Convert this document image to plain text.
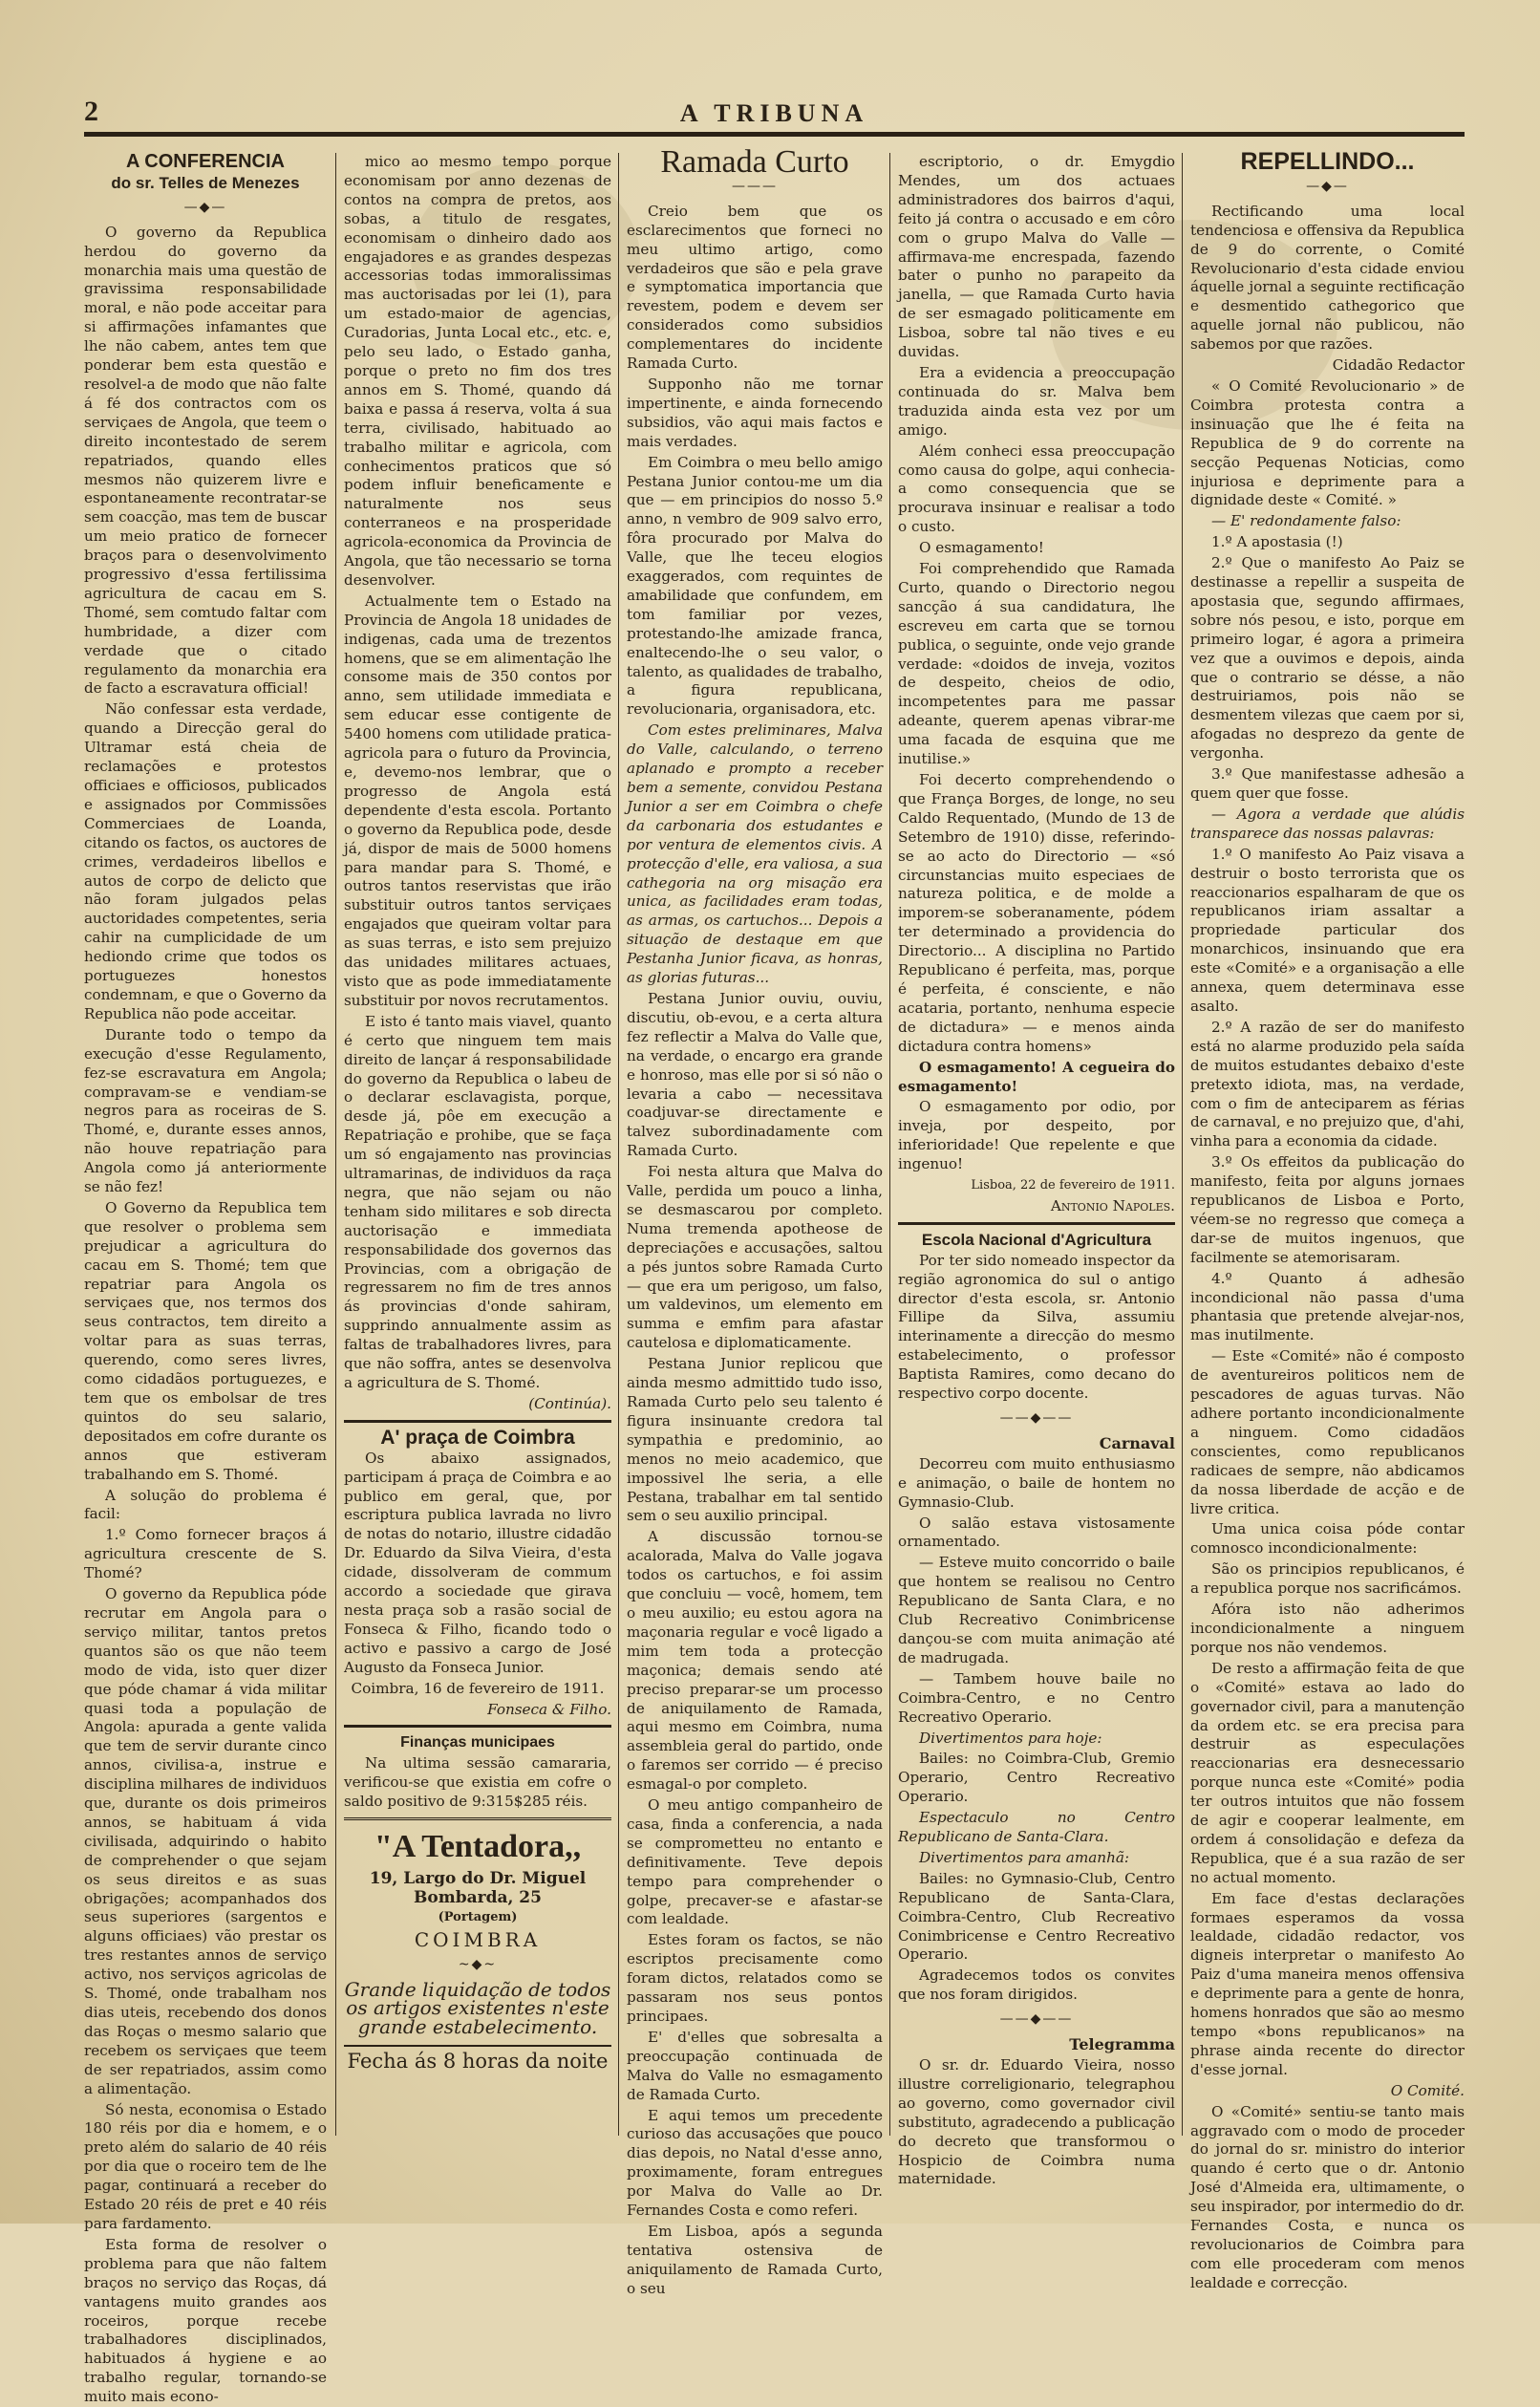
2	A TRIBUNA

A CONFERENCIA

do sr. Telles de Menezes

—◆—

O governo da Republica herdou do governo da monarchia mais uma questão de gravissima responsabilidade moral, e não pode acceitar para si affirmações infamantes que lhe não cabem, antes tem que ponderar bem esta questão e resolvel-a de modo que não falte á fé dos contractos com os serviçaes de Angola, que teem o direito incontestado de serem repatriados, quando elles mesmos não quizerem livre e espontaneamente recontratar-se sem coacção, mas tem de buscar um meio pratico de fornecer braços para o desenvolvimento progressivo d'essa fertilissima agricultura de cacau em S. Thomé, sem comtudo faltar com humbridade, a dizer com verdade que o citado regulamento da monarchia era de facto a escravatura official!

Não confessar esta verdade, quando a Direcção geral do Ultramar está cheia de reclamações e protestos officiaes e officiosos, publicados e assignados por Commissões Commerciaes de Loanda, citando os factos, os auctores de crimes, verdadeiros libellos e autos de corpo de delicto que não foram julgados pelas auctoridades competentes, seria cahir na cumplicidade de um hediondo crime que todos os portuguezes honestos condemnam, e que o Governo da Republica não pode acceitar.

Durante todo o tempo da execução d'esse Regulamento, fez-se escravatura em Angola; compravam-se e vendiam-se negros para as roceiras de S. Thomé, e, durante esses annos, não houve repatriação para Angola como já anteriormente se não fez!

O Governo da Republica tem que resolver o problema sem prejudicar a agricultura do cacau em S. Thomé; tem que repatriar para Angola os serviçaes que, nos termos dos seus contractos, tem direito a voltar para as suas terras, querendo, como seres livres, como cidadãos portuguezes, e tem que os embolsar de tres quintos do seu salario, depositados em cofre durante os annos que estiveram trabalhando em S. Thomé.

A solução do problema é facil:

1.º Como fornecer braços á agricultura crescente de S. Thomé?

O governo da Republica póde recrutar em Angola para o serviço militar, tantos pretos quantos são os que não teem modo de vida, isto quer dizer que póde chamar á vida militar quasi toda a população de Angola: apurada a gente valida que tem de servir durante cinco annos, civilisa-a, instrue e disciplina milhares de individuos que, durante os dois primeiros annos, se habituam á vida civilisada, adquirindo o habito de comprehender o que sejam os seus direitos e as suas obrigações; acompanhados dos seus superiores (sargentos e alguns officiaes) vão prestar os tres restantes annos de serviço activo, nos serviços agricolas de S. Thomé, onde trabalham nos dias uteis, recebendo dos donos das Roças o mesmo salario que recebem os serviçaes que teem de ser repatriados, assim como a alimentação.

Só nesta, economisa o Estado 180 réis por dia e homem, e o preto além do salario de 40 réis por dia que o roceiro tem de lhe pagar, continuará a receber do Estado 20 réis de pret e 40 réis para fardamento.

Esta forma de resolver o problema para que não faltem braços no serviço das Roças, dá vantagens muito grandes aos roceiros, porque recebe trabalhadores disciplinados, habituados á hygiene e ao trabalho regular, tornando-se muito mais econo-

mico ao mesmo tempo porque economisam por anno dezenas de contos na compra de pretos, aos sobas, a titulo de resgates, economisam o dinheiro dado aos engajadores e as grandes despezas accessorias todas immoralissimas mas auctorisadas por lei (1), para um estado-maior de agencias, Curadorias, Junta Local etc., etc. e, pelo seu lado, o Estado ganha, porque o preto no fim dos tres annos em S. Thomé, quando dá baixa e passa á reserva, volta á sua terra, civilisado, habituado ao trabalho militar e agricola, com conhecimentos praticos que só podem influir beneficamente e naturalmente nos seus conterraneos e na prosperidade agricola-economica da Provincia de Angola, que tão necessario se torna desenvolver.

Actualmente tem o Estado na Provincia de Angola 18 unidades de indigenas, cada uma de trezentos homens, que se em alimentação lhe consome mais de 350 contos por anno, sem utilidade immediata e sem educar esse contigente de 5400 homens com utilidade pratica-agricola para o futuro da Provincia, e, devemo-nos lembrar, que o progresso de Angola está dependente d'esta escola. Portanto o governo da Republica pode, desde já, dispor de mais de 5000 homens para mandar para S. Thomé, e outros tantos reservistas que irão substituir outros tantos serviçaes engajados que queiram voltar para as suas terras, e isto sem prejuizo das unidades militares actuaes, visto que as pode immediatamente substituir por novos recrutamentos.

E isto é tanto mais viavel, quanto é certo que ninguem tem mais direito de lançar á responsabilidade do governo da Republica o labeu de o declarar esclavagista, porque, desde já, pôe em execução a Repatriação e prohibe, que se faça um só engajamento nas provincias ultramarinas, de individuos da raça negra, que não sejam ou não tenham sido militares e sob directa auctorisação e immediata responsabilidade dos governos das Provincias, com a obrigação de regressarem no fim de tres annos ás provincias d'onde sahiram, supprindo annualmente assim as faltas de trabalhadores livres, para que não soffra, antes se desenvolva a agricultura de S. Thomé.

(Continúa).

A' praça de Coimbra

Os abaixo assignados, participam á praça de Coimbra e ao publico em geral, que, por escriptura publica lavrada no livro de notas do notario, illustre cidadão Dr. Eduardo da Silva Vieira, d'esta cidade, dissolveram de commum accordo a sociedade que girava nesta praça sob a rasão social de Fonseca & Filho, ficando todo o activo e passivo a cargo de José Augusto da Fonseca Junior.

Coimbra, 16 de fevereiro de 1911.

Fonseca & Filho.

Finanças municipaes

Na ultima sessão camararia, verificou-se que existia em cofre o saldo positivo de 9:315$285 réis.

"A Tentadora,,
19, Largo do Dr. Miguel Bombarda, 25
(Portagem)
COIMBRA
~◆~
Grande liquidação de todos os artigos existentes n'este grande estabelecimento.
Fecha ás 8 horas da noite

Ramada Curto

———

Creio bem que os esclarecimentos que forneci no meu ultimo artigo, como verdadeiros que são e pela grave e symptomatica importancia que revestem, podem e devem ser considerados como subsidios complementares do incidente Ramada Curto.

Supponho não me tornar impertinente, e ainda fornecendo subsidios, vão aqui mais factos e mais verdades.

Em Coimbra o meu bello amigo Pestana Junior contou-me um dia que — em principios do nosso 5.º anno, n vembro de 909 salvo erro, fôra procurado por Malva do Valle, que lhe teceu elogios exaggerados, com requintes de amabilidade que confundem, em tom familiar por vezes, protestando-lhe amizade franca, enaltecendo-lhe o seu valor, o talento, as qualidades de trabalho, a figura republicana, revolucionaria, organisadora, etc.

Com estes preliminares, Malva do Valle, calculando, o terreno aplanado e prompto a receber bem a semente, convidou Pestana Junior a ser em Coimbra o chefe da carbonaria dos estudantes e por ventura de elementos civis. A protecção d'elle, era valiosa, a sua cathegoria na org misação era unica, as facilidades eram todas, as armas, os cartuchos... Depois a situação de destaque em que Pestanha Junior ficava, as honras, as glorias futuras...

Pestana Junior ouviu, ouviu, discutiu, ob-evou, e a certa altura fez reflectir a Malva do Valle que, na verdade, o encargo era grande e honroso, mas elle por si só não o levaria a cabo — necessitava coadjuvar-se directamente e talvez subordinadamente com Ramada Curto.

Foi nesta altura que Malva do Valle, perdida um pouco a linha, se desmascarou por completo. Numa tremenda apotheose de depreciações e accusações, saltou a pés juntos sobre Ramada Curto — que era um perigoso, um falso, um valdevinos, um elemento em summa e emfim para afastar cautelosa e diplomaticamente.

Pestana Junior replicou que ainda mesmo admittido tudo isso, Ramada Curto pelo seu talento é figura insinuante credora tal sympathia e predominio, ao menos no meio academico, que impossivel lhe seria, a elle Pestana, trabalhar em tal sentido sem o seu auxilio principal.

A discussão tornou-se acalorada, Malva do Valle jogava todos os cartuchos, e foi assim que concluiu — você, homem, tem o meu auxilio; eu estou agora na maçonaria regular e você ligado a mim tem toda a protecção maçonica; demais sendo até preciso preparar-se um processo de aniquilamento de Ramada, aqui mesmo em Coimbra, numa assembleia geral do partido, onde o faremos ser corrido — é preciso esmagal-o por completo.

O meu antigo companheiro de casa, finda a conferencia, a nada se comprometteu no entanto e definitivamente. Teve depois tempo para comprehender o golpe, precaver-se e afastar-se com lealdade.

Estes foram os factos, se não escriptos precisamente como foram dictos, relatados como se passaram nos seus pontos principaes.

E' d'elles que sobresalta a preoccupação continuada de Malva do Valle no esmagamento de Ramada Curto.

E aqui temos um precedente curioso das accusações que pouco dias depois, no Natal d'esse anno, proximamente, foram entregues por Malva do Valle ao Dr. Fernandes Costa e como referi.

Em Lisboa, após a segunda tentativa ostensiva de aniquilamento de Ramada Curto, o seu

escriptorio, o dr. Emygdio Mendes, um dos actuaes administradores dos bairros d'aqui, feito já contra o accusado e em côro com o grupo Malva do Valle — affirmava-me encrespada, fazendo bater o punho no parapeito da janella, — que Ramada Curto havia de ser esmagado politicamente em Lisboa, sobre tal não tives e eu duvidas.

Era a evidencia a preoccupação continuada do sr. Malva bem traduzida ainda esta vez por um amigo.

Além conheci essa preoccupação como causa do golpe, aqui conhecia-a como consequencia que se procurava insinuar e realisar a todo o custo.

O esmagamento!

Foi comprehendido que Ramada Curto, quando o Directorio negou sancção á sua candidatura, lhe escreveu em carta que se tornou publica, o seguinte, onde vejo grande verdade: «doidos de inveja, vozitos de despeito, cheios de odio, incompetentes para me passar adeante, querem apenas vibrar-me uma facada de esquina que me inutilise.»

Foi decerto comprehendendo o que França Borges, de longe, no seu Caldo Requentado, (Mundo de 13 de Setembro de 1910) disse, referindo-se ao acto do Directorio — «só circunstancias muito especiaes de natureza politica, e de molde a imporem-se soberanamente, pódem ter determinado a providencia do Directorio... A disciplina no Partido Republicano é perfeita, mas, porque é perfeita, é consciente, e não acataria, portanto, nenhuma especie de dictadura» — e menos ainda dictadura contra homens»

O esmagamento! A cegueira do esmagamento!

O esmagamento por odio, por inveja, por despeito, por inferioridade! Que repelente e que ingenuo!

Lisboa, 22 de fevereiro de 1911.

Antonio Napoles.

Escola Nacional d'Agricultura

Por ter sido nomeado inspector da região agronomica do sul o antigo director d'esta escola, sr. Antonio Fillipe da Silva, assumiu interinamente a direcção do mesmo estabelecimento, o professor Baptista Ramires, como decano do respectivo corpo docente.

——◆——

Carnaval

Decorreu com muito enthusiasmo e animação, o baile de hontem no Gymnasio-Club.

O salão estava vistosamente ornamentado.

— Esteve muito concorrido o baile que hontem se realisou no Centro Republicano de Santa Clara, e no Club Recreativo Conimbricense dançou-se com muita animação até de madrugada.

— Tambem houve baile no Coimbra-Centro, e no Centro Recreativo Operario.

Divertimentos para hoje:

Bailes: no Coimbra-Club, Gremio Operario, Centro Recreativo Operario.

Espectaculo no Centro Republicano de Santa-Clara.

Divertimentos para amanhã:

Bailes: no Gymnasio-Club, Centro Republicano de Santa-Clara, Coimbra-Centro, Club Recreativo Conimbricense e Centro Recreativo Operario.

Agradecemos todos os convites que nos foram dirigidos.

——◆——

Telegramma

O sr. dr. Eduardo Vieira, nosso illustre correligionario, telegraphou ao governo, como governador civil substituto, agradecendo a publicação do decreto que transformou o Hospicio de Coimbra numa maternidade.

REPELLINDO...

—◆—

Rectificando uma local tendenciosa e offensiva da Republica de 9 do corrente, o Comité Revolucionario d'esta cidade enviou áquelle jornal a seguinte rectificação e desmentido cathegorico que aquelle jornal não publicou, não sabemos por que razões.

Cidadão Redactor

« O Comité Revolucionario » de Coimbra protesta contra a insinuação que lhe é feita na Republica de 9 do corrente na secção Pequenas Noticias, como injuriosa e deprimente para a dignidade deste « Comité. »

— E' redondamente falso:

1.º A apostasia (!)

2.º Que o manifesto Ao Paiz se destinasse a repellir a suspeita de apostasia que, segundo affirmaes, sobre nós pesou, e isto, porque em primeiro logar, é agora a primeira vez que a ouvimos e depois, ainda que o contrario se désse, a não destruiriamos, pois não se desmentem vilezas que caem por si, afogadas no desprezo da gente de vergonha.

3.º Que manifestasse adhesão a quem quer que fosse.

— Agora a verdade que alúdis transparece das nossas palavras:

1.º O manifesto Ao Paiz visava a destruir o bosto terrorista que os reaccionarios espalharam de que os republicanos iriam assaltar a propriedade particular dos monarchicos, insinuando que era este «Comité» e a organisação a elle annexa, quem determinava esse asalto.

2.º A razão de ser do manifesto está no alarme produzido pela saída de muitos estudantes debaixo d'este pretexto idiota, mas, na verdade, com o fim de anteciparem as férias de carnaval, e no prejuizo que, d'ahi, vinha para a economia da cidade.

3.º Os effeitos da publicação do manifesto, feita por alguns jornaes republicanos de Lisboa e Porto, véem-se no regresso que começa a dar-se de muitos ingenuos, que facilmente se atemorisaram.

4.º Quanto á adhesão incondicional não passa d'uma phantasia que pretende alvejar-nos, mas inutilmente.

— Este «Comité» não é composto de aventureiros politicos nem de pescadores de aguas turvas. Não adhere portanto incondicionalmente a ninguem. Como cidadãos conscientes, como republicanos radicaes de sempre, não abdicamos da nossa liberdade de acção e de livre critica.

Uma unica coisa póde contar comnosco incondicionalmente:

São os principios republicanos, é a republica porque nos sacrificámos.

Afóra isto não adherimos incondicionalmente a ninguem porque nos não vendemos.

De resto a affirmação feita de que o «Comité» estava ao lado do governador civil, para a manutenção da ordem etc. se era precisa para destruir as especulações reaccionarias era desnecessario porque nunca este «Comité» podia ter outros intuitos que não fossem de agir e cooperar lealmente, em ordem á consolidação e defeza da Republica, que é a sua razão de ser no actual momento.

Em face d'estas declarações formaes esperamos da vossa lealdade, cidadão redactor, vos digneis interpretar o manifesto Ao Paiz d'uma maneira menos offensiva e deprimente para a gente de honra, homens honrados que são ao mesmo tempo «bons republicanos» na phrase ainda recente do director d'esse jornal.

O Comité.

O «Comité» sentiu-se tanto mais aggravado com o modo de proceder do jornal do sr. ministro do interior quando é certo que o dr. Antonio José d'Almeida era, ultimamente, o seu inspirador, por intermedio do dr. Fernandes Costa, e nunca os revolucionarios de Coimbra para com elle procederam com menos lealdade e correcção.
